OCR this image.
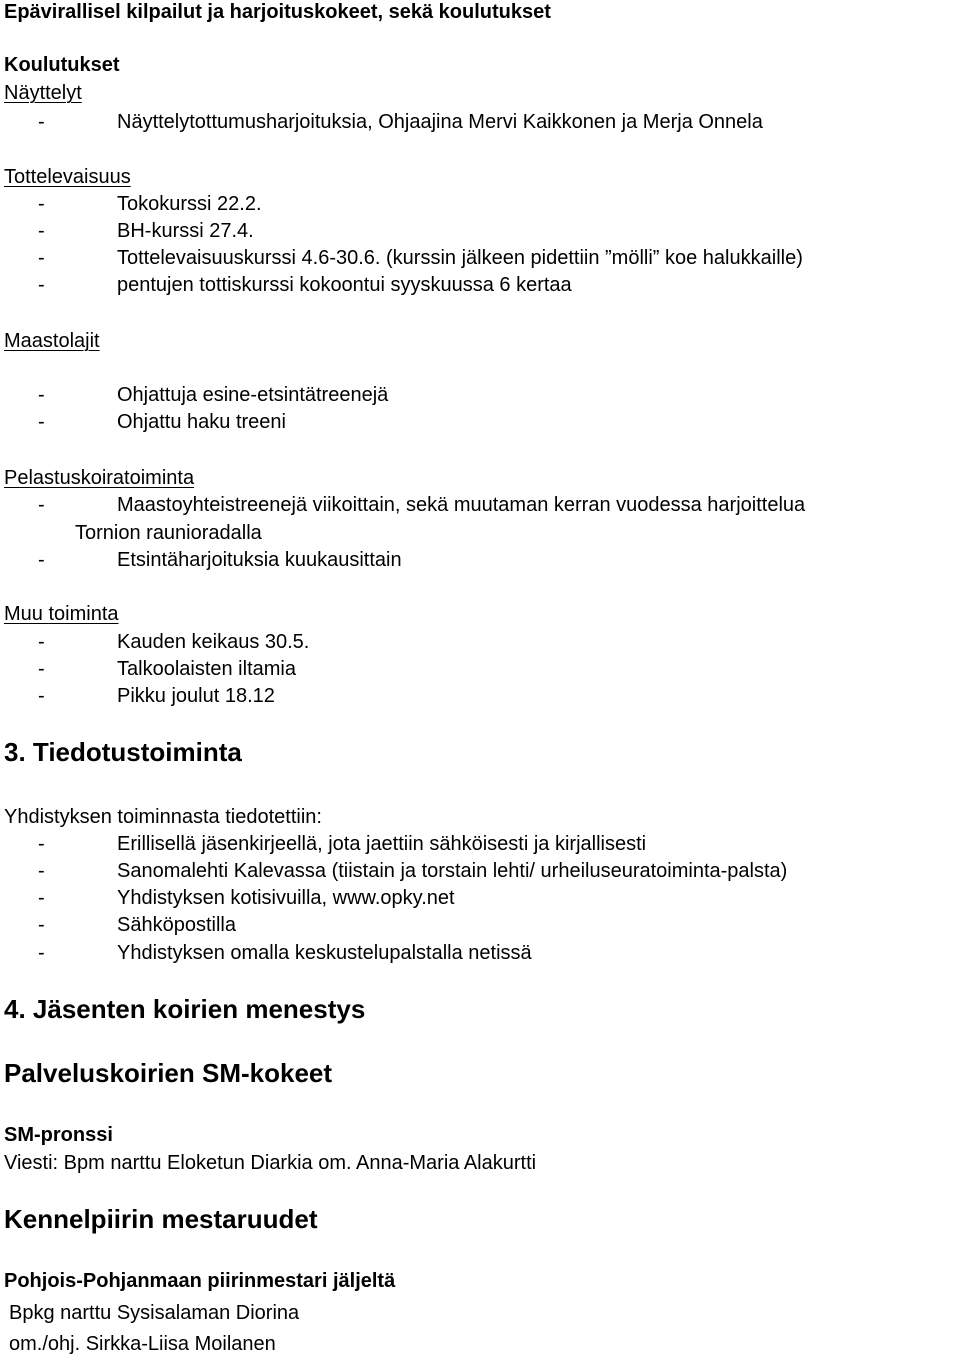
Epävirallisel kilpailut ja harjoituskokeet, sekä koulutukset
Koulutukset
Näyttelyt
-	Näyttelytottumusharjoituksia, Ohjaajina Mervi Kaikkonen ja Merja Onnela
Tottelevaisuus
-	Tokokurssi 22.2.
-	BH-kurssi 27.4.
-	Tottelevaisuuskurssi 4.6-30.6. (kurssin jälkeen pidettiin ”mölli” koe halukkaille)
-	pentujen tottiskurssi kokoontui syyskuussa 6 kertaa
Maastolajit
-	Ohjattuja esine-etsintätreenejä
-	Ohjattu haku treeni
Pelastuskoiratoiminta
-	Maastoyhteistreenejä viikoittain, sekä muutaman kerran vuodessa harjoittelua
Tornion raunioradalla
-	Etsintäharjoituksia kuukausittain
Muu toiminta
-	Kauden keikaus 30.5.
-	Talkoolaisten iltamia
-	Pikku joulut 18.12
3. Tiedotustoiminta
Yhdistyksen toiminnasta tiedotettiin:
-	Erillisellä jäsenkirjeellä, jota jaettiin sähköisesti ja kirjallisesti
-	Sanomalehti Kalevassa (tiistain ja torstain lehti/ urheiluseuratoiminta-palsta)
-	Yhdistyksen kotisivuilla, www.opky.net
-	Sähköpostilla
-	Yhdistyksen omalla keskustelupalstalla netissä
4. Jäsenten koirien menestys
Palveluskoirien SM-kokeet
SM-pronssi
Viesti: Bpm narttu Eloketun Diarkia om. Anna-Maria Alakurtti
Kennelpiirin mestaruudet
Pohjois-Pohjanmaan piirinmestari jäljeltä
Bpkg narttu Sysisalaman Diorina
om./ohj. Sirkka-Liisa Moilanen
